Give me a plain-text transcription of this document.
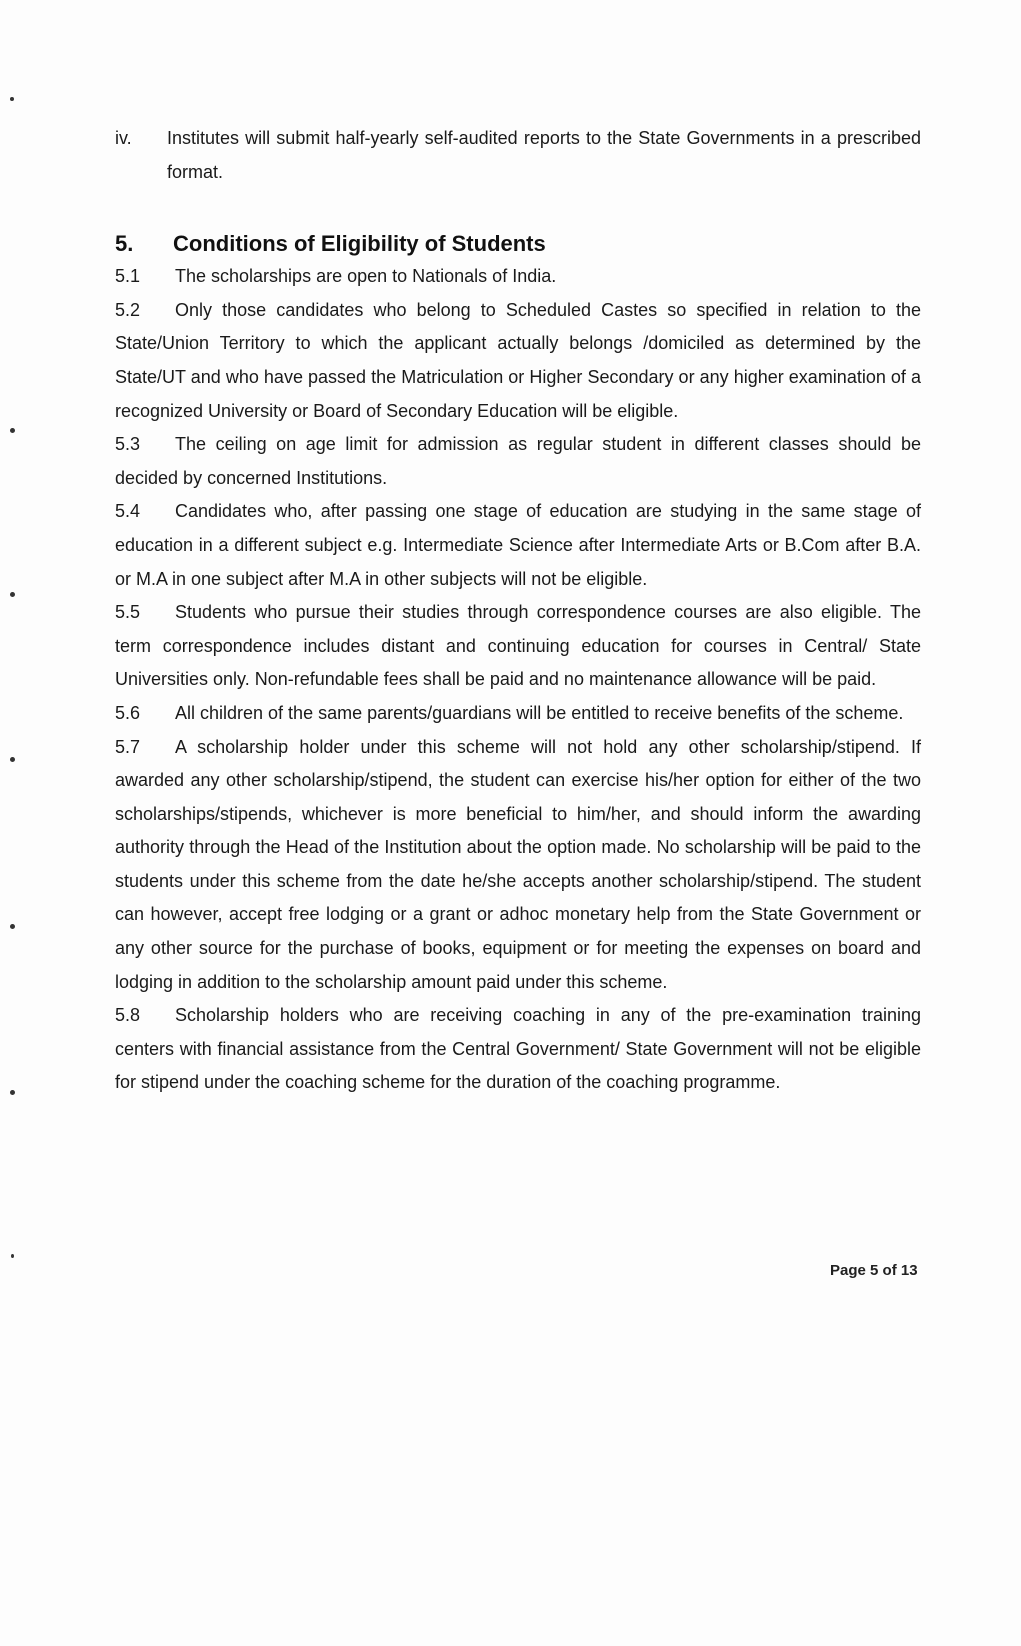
iv. Institutes will submit half-yearly self-audited reports to the State Governments in a prescribed format.

5. Conditions of Eligibility of Students

5.1 The scholarships are open to Nationals of India.

5.2 Only those candidates who belong to Scheduled Castes so specified in relation to the State/Union Territory to which the applicant actually belongs /domiciled as determined by the State/UT and who have passed the Matriculation or Higher Secondary or any higher examination of a recognized University or Board of Secondary Education will be eligible.

5.3 The ceiling on age limit for admission as regular student in different classes should be decided by concerned Institutions.

5.4 Candidates who, after passing one stage of education are studying in the same stage of education in a different subject e.g. Intermediate Science after Intermediate Arts or B.Com after B.A. or M.A in one subject after M.A in other subjects will not be eligible.

5.5 Students who pursue their studies through correspondence courses are also eligible. The term correspondence includes distant and continuing education for courses in Central/ State Universities only. Non-refundable fees shall be paid and no maintenance allowance will be paid.

5.6 All children of the same parents/guardians will be entitled to receive benefits of the scheme.

5.7 A scholarship holder under this scheme will not hold any other scholarship/stipend. If awarded any other scholarship/stipend, the student can exercise his/her option for either of the two scholarships/stipends, whichever is more beneficial to him/her, and should inform the awarding authority through the Head of the Institution about the option made. No scholarship will be paid to the students under this scheme from the date he/she accepts another scholarship/stipend. The student can however, accept free lodging or a grant or adhoc monetary help from the State Government or any other source for the purchase of books, equipment or for meeting the expenses on board and lodging in addition to the scholarship amount paid under this scheme.

5.8 Scholarship holders who are receiving coaching in any of the pre-examination training centers with financial assistance from the Central Government/ State Government will not be eligible for stipend under the coaching scheme for the duration of the coaching programme.

Page 5 of 13
